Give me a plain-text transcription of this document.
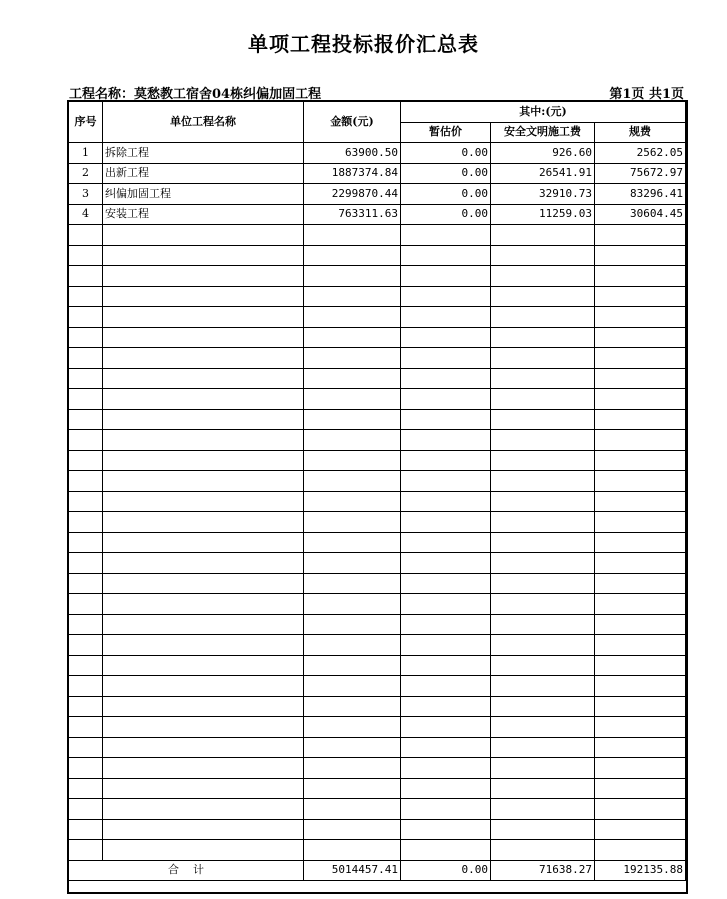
单项工程投标报价汇总表
工程名称：莫愁教工宿舍04栋纠偏加固工程	第1页 共1页
序号	单位工程名称	金额(元)	其中:(元)		
			暂估价	安全文明施工费	规费
1	拆除工程	63900.50	0.00	926.60	2562.05
2	出新工程	1887374.84	0.00	26541.91	75672.97
3	纠偏加固工程	2299870.44	0.00	32910.73	83296.41
4	安装工程	763311.63	0.00	11259.03	30604.45

合    计		5014457.41	0.00	71638.27	192135.88
